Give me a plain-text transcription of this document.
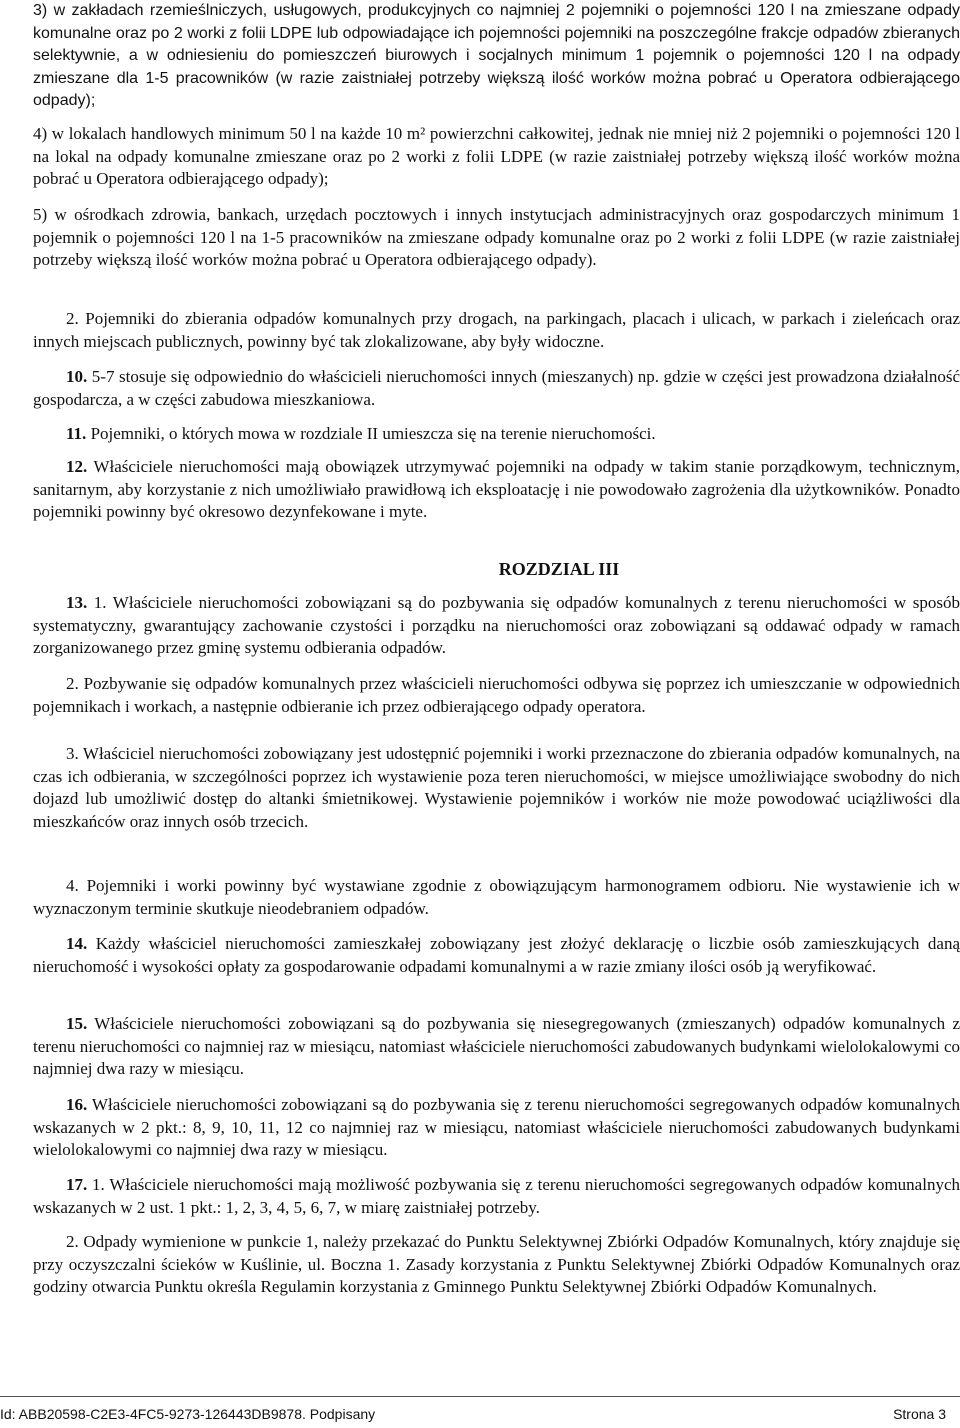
3) w zakładach rzemieślniczych, usługowych, produkcyjnych co najmniej 2 pojemniki o pojemności 120 l na zmieszane odpady komunalne oraz po 2 worki z folii LDPE lub odpowiadające ich pojemności pojemniki na poszczególne frakcje odpadów zbieranych selektywnie, a w odniesieniu do pomieszczeń biurowych i socjalnych minimum 1 pojemnik o pojemności 120 l na odpady zmieszane dla 1-5 pracowników (w razie zaistniałej potrzeby większą ilość worków można pobrać u Operatora odbierającego odpady);

4) w lokalach handlowych minimum 50 l na każde 10 m² powierzchni całkowitej, jednak nie mniej niż 2 pojemniki o pojemności 120 l na lokal na odpady komunalne zmieszane oraz po 2 worki z folii LDPE (w razie zaistniałej potrzeby większą ilość worków można pobrać u Operatora odbierającego odpady);

5) w ośrodkach zdrowia, bankach, urzędach pocztowych i innych instytucjach administracyjnych oraz gospodarczych minimum 1 pojemnik o pojemności 120 l na 1-5 pracowników na zmieszane odpady komunalne oraz po 2 worki z folii LDPE (w razie zaistniałej potrzeby większą ilość worków można pobrać u Operatora odbierającego odpady).

2. Pojemniki do zbierania odpadów komunalnych przy drogach, na parkingach, placach i ulicach, w parkach i zieleńcach oraz innych miejscach publicznych, powinny być tak zlokalizowane, aby były widoczne.

10. 5-7 stosuje się odpowiednio do właścicieli nieruchomości innych (mieszanych) np. gdzie w części jest prowadzona działalność gospodarcza, a w części zabudowa mieszkaniowa.

11. Pojemniki, o których mowa w rozdziale II umieszcza się na terenie nieruchomości.

12. Właściciele nieruchomości mają obowiązek utrzymywać pojemniki na odpady w takim stanie porządkowym, technicznym, sanitarnym, aby korzystanie z nich umożliwiało prawidłową ich eksploatację i nie powodowało zagrożenia dla użytkowników. Ponadto pojemniki powinny być okresowo dezynfekowane i myte.

ROZDZIAL III

13. 1. Właściciele nieruchomości zobowiązani są do pozbywania się odpadów komunalnych z terenu nieruchomości w sposób systematyczny, gwarantujący zachowanie czystości i porządku na nieruchomości oraz zobowiązani są oddawać odpady w ramach zorganizowanego przez gminę systemu odbierania odpadów.

2. Pozbywanie się odpadów komunalnych przez właścicieli nieruchomości odbywa się poprzez ich umieszczanie w odpowiednich pojemnikach i workach, a następnie odbieranie ich przez odbierającego odpady operatora.

3. Właściciel nieruchomości zobowiązany jest udostępnić pojemniki i worki przeznaczone do zbierania odpadów komunalnych, na czas ich odbierania, w szczególności poprzez ich wystawienie poza teren nieruchomości, w miejsce umożliwiające swobodny do nich dojazd lub umożliwić dostęp do altanki śmietnikowej. Wystawienie pojemników i worków nie może powodować uciążliwości dla mieszkańców oraz innych osób trzecich.

4. Pojemniki i worki powinny być wystawiane zgodnie z obowiązującym harmonogramem odbioru. Nie wystawienie ich w wyznaczonym terminie skutkuje nieodebraniem odpadów.

14. Każdy właściciel nieruchomości zamieszkałej zobowiązany jest złożyć deklarację o liczbie osób zamieszkujących daną nieruchomość i wysokości opłaty za gospodarowanie odpadami komunalnymi a w razie zmiany ilości osób ją weryfikować.

15. Właściciele nieruchomości zobowiązani są do pozbywania się niesegregowanych (zmieszanych) odpadów komunalnych z terenu nieruchomości co najmniej raz w miesiącu, natomiast właściciele nieruchomości zabudowanych budynkami wielolokalowymi co najmniej dwa razy w miesiącu.

16. Właściciele nieruchomości zobowiązani są do pozbywania się z terenu nieruchomości segregowanych odpadów komunalnych wskazanych w 2 pkt.: 8, 9, 10, 11, 12 co najmniej raz w miesiącu, natomiast właściciele nieruchomości zabudowanych budynkami wielolokalowymi co najmniej dwa razy w miesiącu.

17. 1. Właściciele nieruchomości mają możliwość pozbywania się z terenu nieruchomości segregowanych odpadów komunalnych wskazanych w 2 ust. 1 pkt.: 1, 2, 3, 4, 5, 6, 7, w miarę zaistniałej potrzeby.

2. Odpady wymienione w punkcie 1, należy przekazać do Punktu Selektywnej Zbiórki Odpadów Komunalnych, który znajduje się przy oczyszczalni ścieków w Kuślinie, ul. Boczna 1. Zasady korzystania z Punktu Selektywnej Zbiórki Odpadów Komunalnych oraz godziny otwarcia Punktu określa Regulamin korzystania z Gminnego Punktu Selektywnej Zbiórki Odpadów Komunalnych.

Id: ABB20598-C2E3-4FC5-9273-126443DB9878. Podpisany	Strona 3
